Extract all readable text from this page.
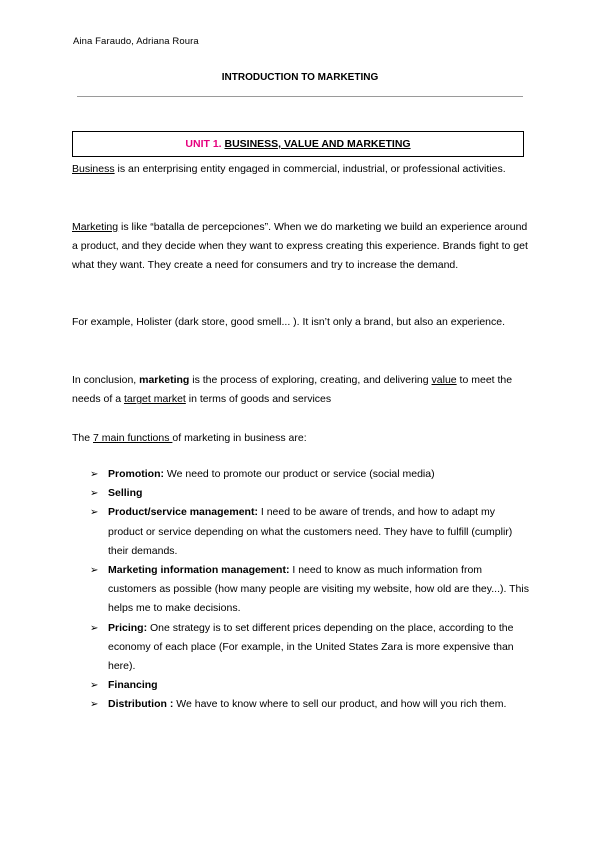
Aina Faraudo, Adriana Roura
INTRODUCTION TO MARKETING
UNIT 1. BUSINESS, VALUE AND MARKETING

Business is an enterprising entity engaged in commercial, industrial, or professional activities.

Marketing is like “batalla de percepciones”. When we do marketing we build an experience around a product, and they decide when they want to express creating this experience. Brands fight to get what they want. They create a need for consumers and try to increase the demand.

For example, Holister (dark store, good smell... ). It isn’t only a brand, but also an experience.

In conclusion, marketing is the process of exploring, creating, and delivering value to meet the needs of a target market in terms of goods and services

The 7 main functions of marketing in business are:

➢ Promotion: We need to promote our product or service (social media)
➢ Selling
➢ Product/service management: I need to be aware of trends, and how to adapt my product or service depending on what the customers need. They have to fulfill (cumplir) their demands.
➢ Marketing information management: I need to know as much information from customers as possible (how many people are visiting my website, how old are they...). This helps me to make decisions.
➢ Pricing: One strategy is to set different prices depending on the place, according to the economy of each place (For example, in the United States Zara is more expensive than here).
➢ Financing
➢ Distribution : We have to know where to sell our product, and how will you rich them.
